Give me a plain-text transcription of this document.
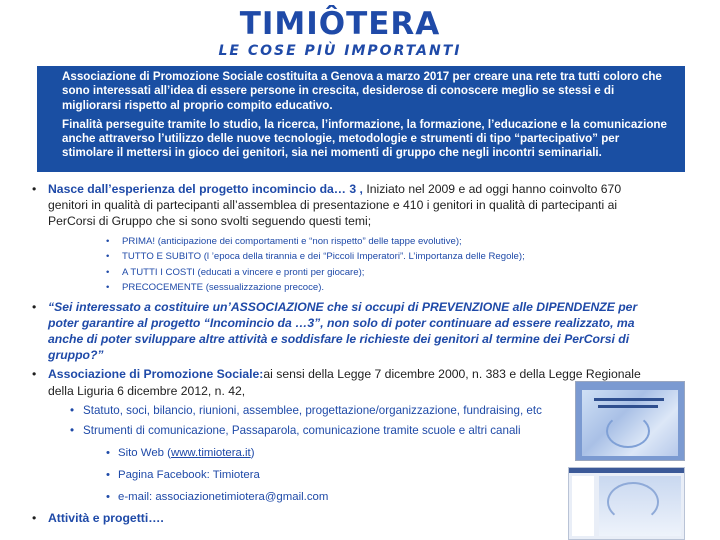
TIMIÔTERA
LE COSE PIÙ IMPORTANTI

Associazione di Promozione Sociale costituita a Genova a marzo 2017 per creare una rete tra tutti coloro che sono interessati all’idea di essere persone in crescita, desiderose di conoscere meglio se stessi e di migliorarsi rispetto al proprio compito educativo.

Finalità perseguite tramite lo studio, la ricerca, l’informazione, la formazione, l’educazione e la comunicazione anche attraverso l’utilizzo delle nuove tecnologie, metodologie e strumenti di tipo “partecipativo” per stimolare il mettersi in gioco dei genitori, sia nei momenti di gruppo che negli incontri seminariali.

• Nasce dall’esperienza del progetto incomincio da… 3 , Iniziato nel 2009 e ad oggi hanno coinvolto 670 genitori in qualità di partecipanti all’assemblea di presentazione e 410 i genitori in qualità di partecipanti ai PerCorsi di Gruppo che si sono svolti seguendo questi temi;
• PRIMA! (anticipazione dei comportamenti e “non rispetto” delle tappe evolutive);
• TUTTO E SUBITO (l ’epoca della tirannia e dei “Piccoli Imperatori”. L’importanza delle Regole);
• A TUTTI I COSTI (educati a vincere e pronti per giocare);
• PRECOCEMENTE (sessualizzazione precoce).
• “Sei interessato a costituire un’ASSOCIAZIONE che si occupi di PREVENZIONE alle DIPENDENZE per poter garantire al progetto “Incomincio da …3”, non solo di poter continuare ad essere realizzato, ma anche di poter sviluppare altre attività e soddisfare le richieste dei genitori al termine dei PerCorsi di gruppo?”
• Associazione di Promozione Sociale:ai sensi della Legge 7 dicembre 2000, n. 383 e della Legge Regionale della Liguria 6 dicembre 2012, n. 42,
• Statuto, soci, bilancio, riunioni, assemblee, progettazione/organizzazione, fundraising, etc
• Strumenti di comunicazione, Passaparola, comunicazione tramite scuole e altri canali
• Sito Web (www.timiotera.it)
• Pagina Facebook: Timiotera
• e-mail: associazionetimiotera@gmail.com
• Attività e progetti….
